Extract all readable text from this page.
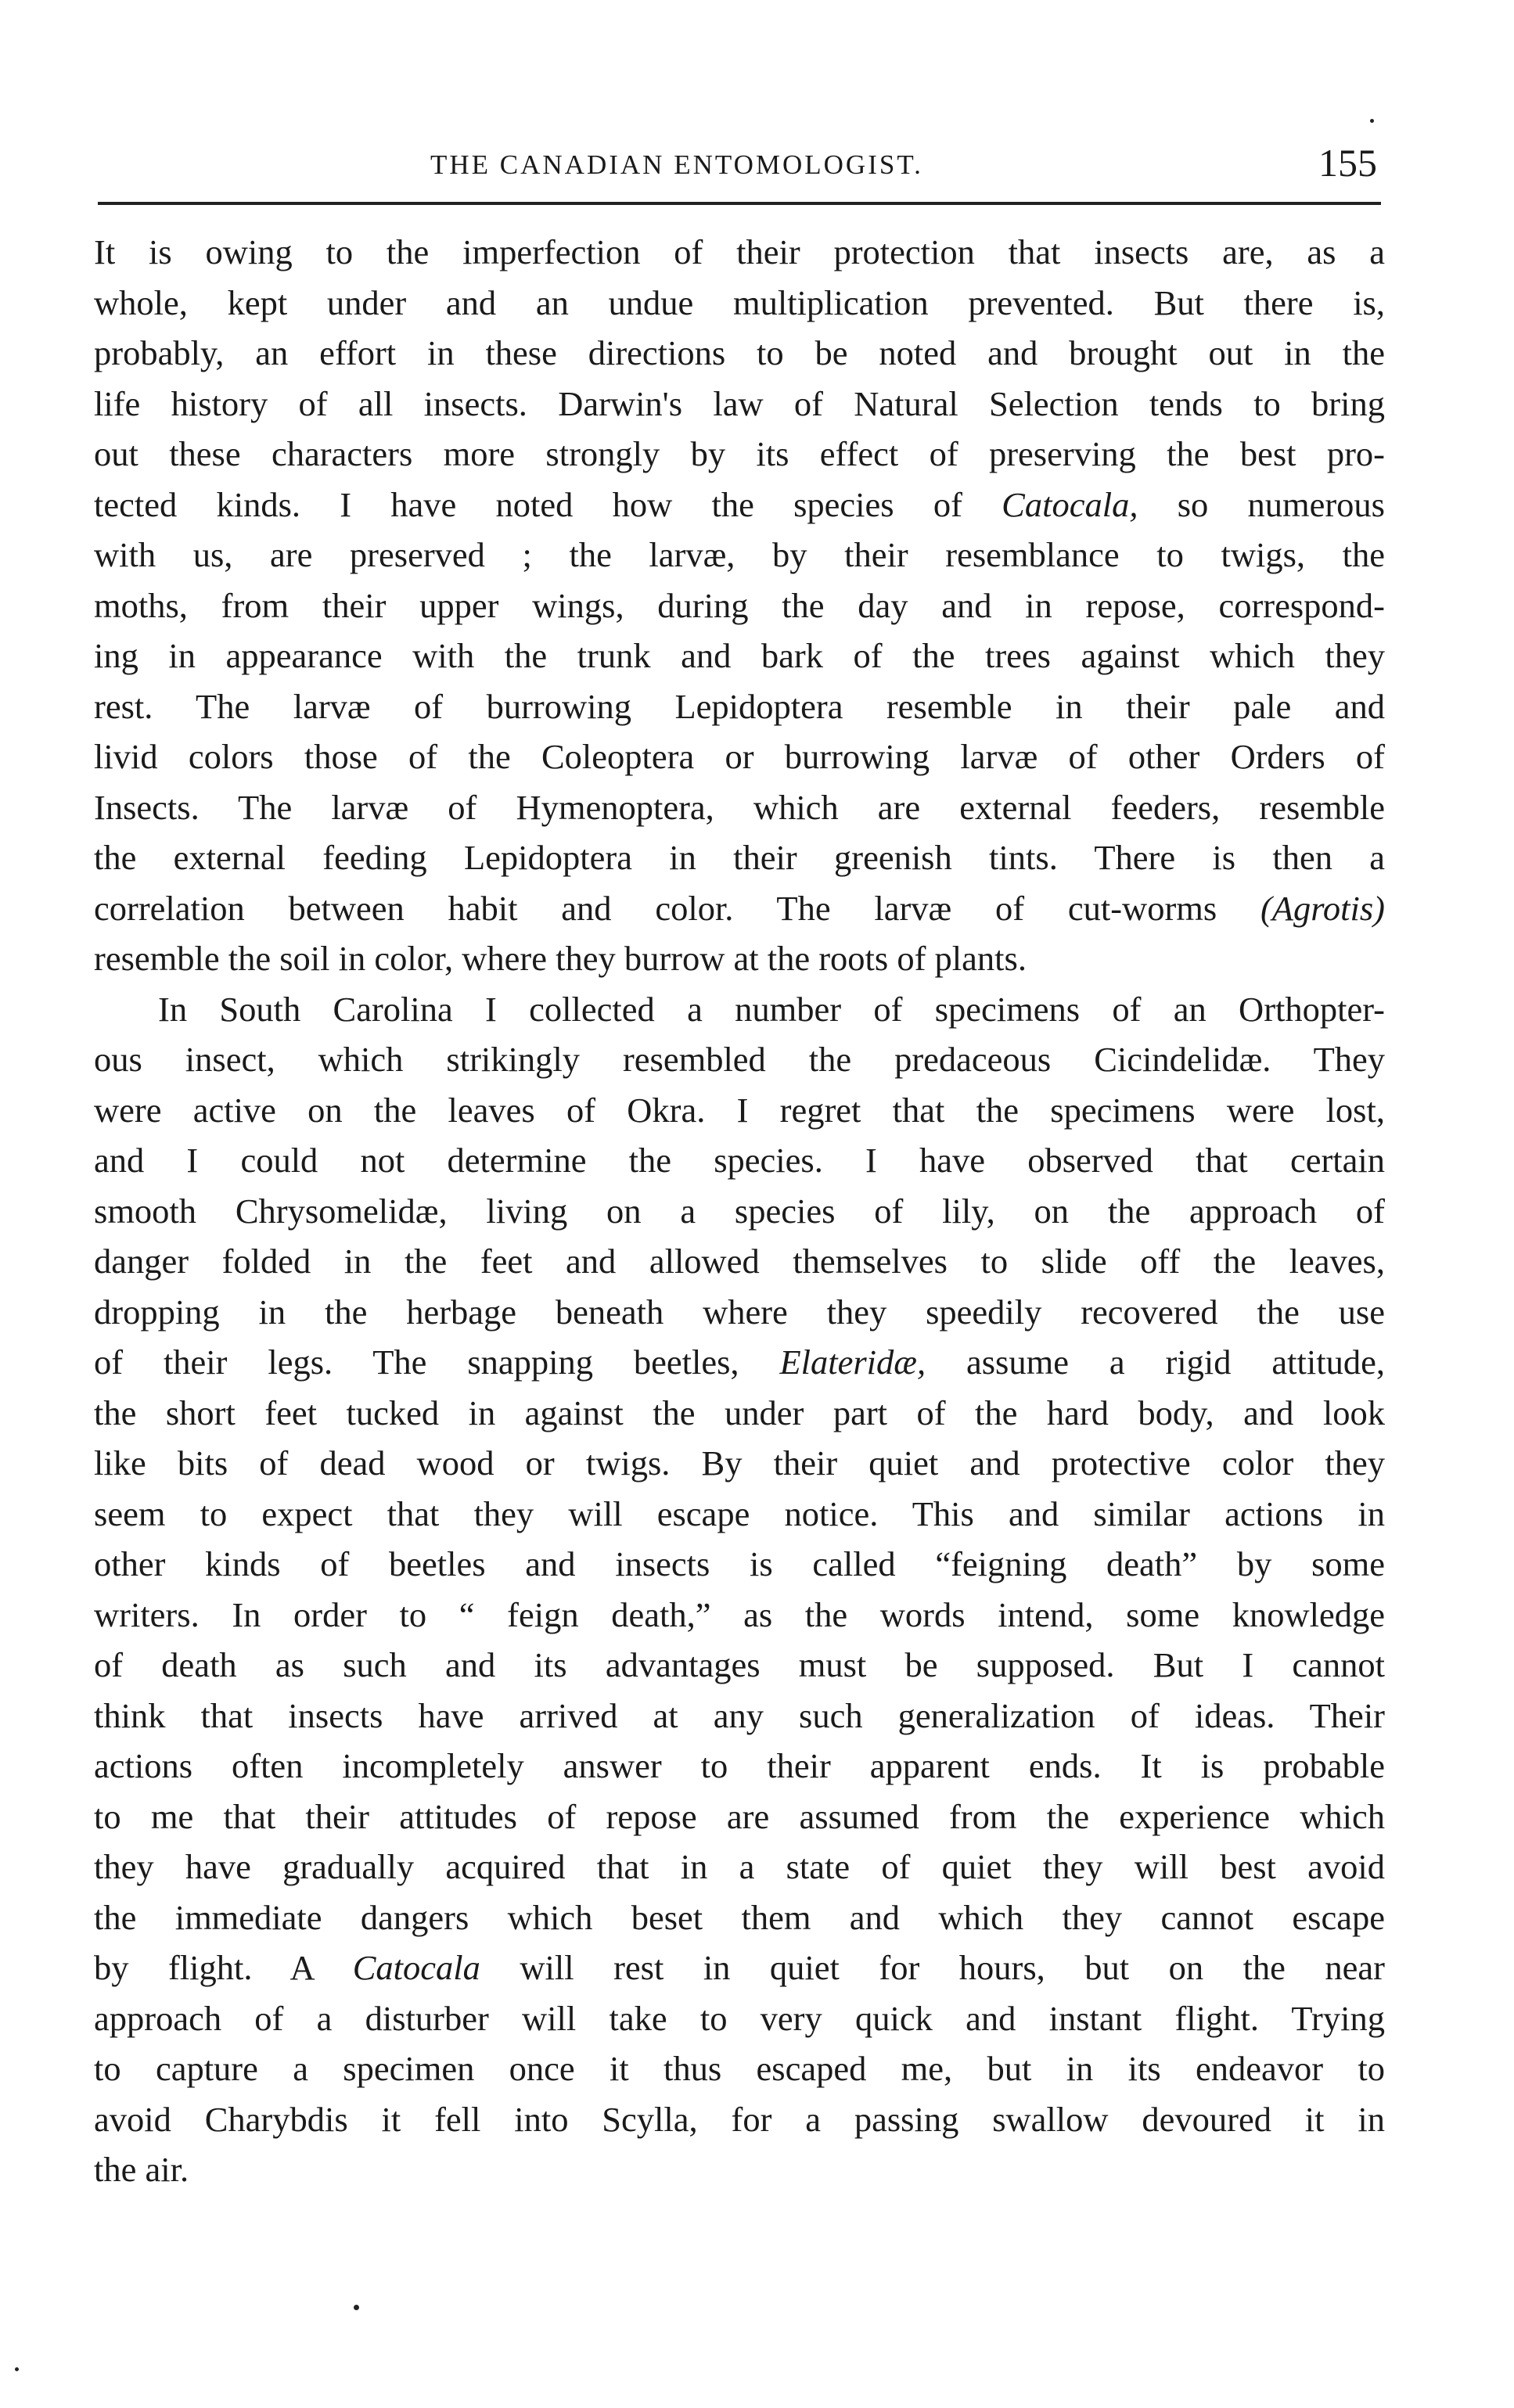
THE CANADIAN ENTOMOLOGIST.	155
It is owing to the imperfection of their protection that insects are, as a
whole, kept under and an undue multiplication prevented. But there is,
probably, an effort in these directions to be noted and brought out in the
life history of all insects. Darwin's law of Natural Selection tends to bring
out these characters more strongly by its effect of preserving the best pro-
tected kinds. I have noted how the species of Catocala, so numerous
with us, are preserved ; the larvæ, by their resemblance to twigs, the
moths, from their upper wings, during the day and in repose, correspond-
ing in appearance with the trunk and bark of the trees against which they
rest. The larvæ of burrowing Lepidoptera resemble in their pale and
livid colors those of the Coleoptera or burrowing larvæ of other Orders of
Insects. The larvæ of Hymenoptera, which are external feeders, resemble
the external feeding Lepidoptera in their greenish tints. There is then a
correlation between habit and color. The larvæ of cut-worms (Agrotis)
resemble the soil in color, where they burrow at the roots of plants.
In South Carolina I collected a number of specimens of an Orthopter-
ous insect, which strikingly resembled the predaceous Cicindelidæ. They
were active on the leaves of Okra. I regret that the specimens were lost,
and I could not determine the species. I have observed that certain
smooth Chrysomelidæ, living on a species of lily, on the approach of
danger folded in the feet and allowed themselves to slide off the leaves,
dropping in the herbage beneath where they speedily recovered the use
of their legs. The snapping beetles, Elateridæ, assume a rigid attitude,
the short feet tucked in against the under part of the hard body, and look
like bits of dead wood or twigs. By their quiet and protective color they
seem to expect that they will escape notice. This and similar actions in
other kinds of beetles and insects is called “feigning death” by some
writers. In order to “ feign death,” as the words intend, some knowledge
of death as such and its advantages must be supposed. But I cannot
think that insects have arrived at any such generalization of ideas. Their
actions often incompletely answer to their apparent ends. It is probable
to me that their attitudes of repose are assumed from the experience which
they have gradually acquired that in a state of quiet they will best avoid
the immediate dangers which beset them and which they cannot escape
by flight. A Catocala will rest in quiet for hours, but on the near
approach of a disturber will take to very quick and instant flight. Trying
to capture a specimen once it thus escaped me, but in its endeavor to
avoid Charybdis it fell into Scylla, for a passing swallow devoured it in
the air.
